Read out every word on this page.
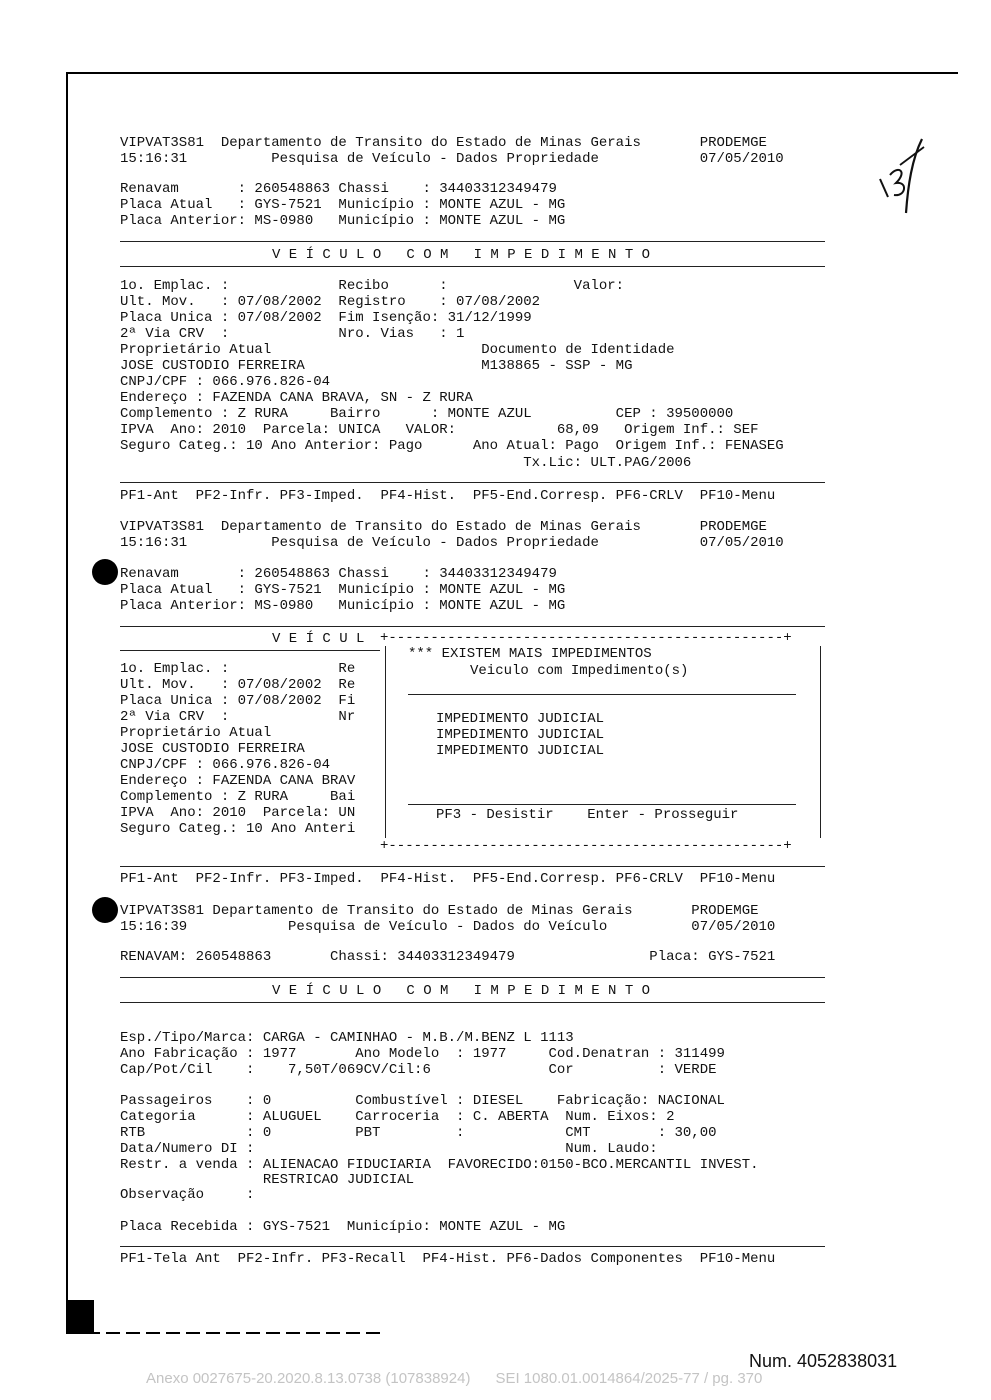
VIPVAT3S81  Departamento de Transito do Estado de Minas Gerais       PRODEMGE
15:16:31          Pesquisa de Veículo - Dados Propriedade            07/05/2010
Renavam       : 260548863 Chassi    : 34403312349479
Placa Atual   : GYS-7521  Município : MONTE AZUL - MG
Placa Anterior: MS-0980   Município : MONTE AZUL - MG
V E Í C U L O   C O M   I M P E D I M E N T O
1o. Emplac. :             Recibo      :               Valor:
Ult. Mov.   : 07/08/2002  Registro    : 07/08/2002
Placa Unica : 07/08/2002  Fim Isenção: 31/12/1999
2ª Via CRV  :             Nro. Vias   : 1
Proprietário Atual                         Documento de Identidade
JOSE CUSTODIO FERREIRA                     M138865 - SSP - MG
CNPJ/CPF : 066.976.826-04
Endereço : FAZENDA CANA BRAVA, SN - Z RURA
Complemento : Z RURA     Bairro      : MONTE AZUL          CEP : 39500000
IPVA  Ano: 2010  Parcela: UNICA   VALOR:            68,09   Origem Inf.: SEF
Seguro Categ.: 10 Ano Anterior: Pago      Ano Atual: Pago  Origem Inf.: FENASEG
Tx.Lic: ULT.PAG/2006
PF1-Ant  PF2-Infr. PF3-Imped.  PF4-Hist.  PF5-End.Corresp. PF6-CRLV  PF10-Menu
VIPVAT3S81  Departamento de Transito do Estado de Minas Gerais       PRODEMGE
15:16:31          Pesquisa de Veículo - Dados Propriedade            07/05/2010
Renavam       : 260548863 Chassi    : 34403312349479
Placa Atual   : GYS-7521  Município : MONTE AZUL - MG
Placa Anterior: MS-0980   Município : MONTE AZUL - MG
V E Í C U L
1o. Emplac. :             Re
Ult. Mov.   : 07/08/2002  Re
Placa Unica : 07/08/2002  Fi
2ª Via CRV  :             Nr
Proprietário Atual
JOSE CUSTODIO FERREIRA
CNPJ/CPF : 066.976.826-04
Endereço : FAZENDA CANA BRAV
Complemento : Z RURA     Bai
IPVA  Ano: 2010  Parcela: UN
Seguro Categ.: 10 Ano Anteri
+-----------------------------------------------+
*** EXISTEM MAIS IMPEDIMENTOS
Veiculo com Impedimento(s)
IMPEDIMENTO JUDICIAL
IMPEDIMENTO JUDICIAL
IMPEDIMENTO JUDICIAL
PF3 - Desistir    Enter - Prosseguir
+-----------------------------------------------+
PF1-Ant  PF2-Infr. PF3-Imped.  PF4-Hist.  PF5-End.Corresp. PF6-CRLV  PF10-Menu
VIPVAT3S81 Departamento de Transito do Estado de Minas Gerais       PRODEMGE
15:16:39            Pesquisa de Veículo - Dados do Veículo          07/05/2010
RENAVAM: 260548863       Chassi: 34403312349479                Placa: GYS-7521
V E Í C U L O   C O M   I M P E D I M E N T O
Esp./Tipo/Marca: CARGA - CAMINHAO - M.B./M.BENZ L 1113
Ano Fabricação : 1977       Ano Modelo  : 1977     Cod.Denatran : 311499
Cap/Pot/Cil    :    7,50T/069CV/Cil:6              Cor          : VERDE
Passageiros    : 0          Combustível : DIESEL    Fabricação: NACIONAL
Categoria      : ALUGUEL    Carroceria  : C. ABERTA  Num. Eixos: 2
RTB            : 0          PBT         :            CMT        : 30,00
Data/Numero DI :                                     Num. Laudo:
Restr. a venda : ALIENACAO FIDUCIARIA  FAVORECIDO:0150-BCO.MERCANTIL INVEST.
RESTRICAO JUDICIAL
Observação     :
Placa Recebida : GYS-7521  Município: MONTE AZUL - MG
PF1-Tela Ant  PF2-Infr. PF3-Recall  PF4-Hist. PF6-Dados Componentes  PF10-Menu
Num. 4052838031
Anexo 0027675-20.2020.8.13.0738 (107838924)      SEI 1080.01.0014864/2025-77 / pg. 370
